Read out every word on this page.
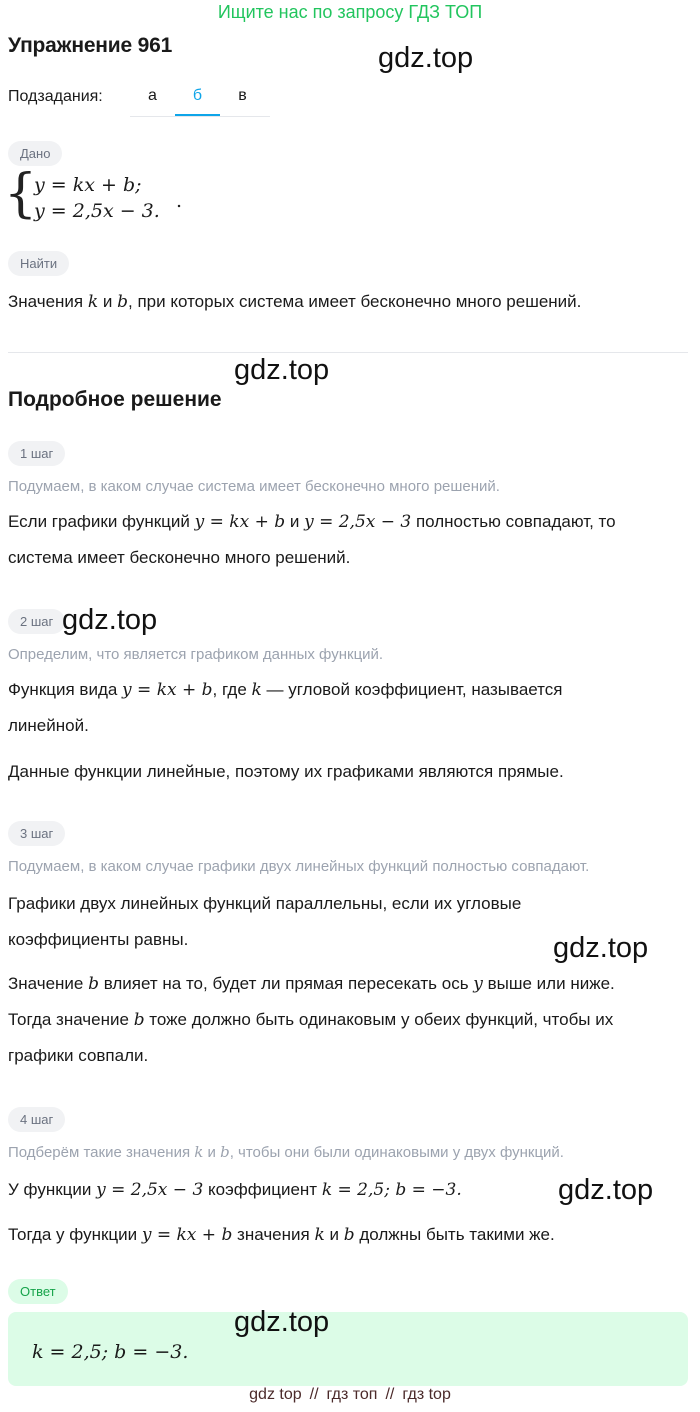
Ищите нас по запросу ГДЗ ТОП
Упражнение 961	gdz.top
Подзадания:	а	б	в
Дано
{
y = kx + b;
y = 2,5x − 3. .
Найти
Значения k и b, при которых система имеет бесконечно много решений.
gdz.top
Подробное решение
1 шаг
Подумаем, в каком случае система имеет бесконечно много решений.
Если графики функций y = kx + b и y = 2,5x − 3 полностью совпадают, то
система имеет бесконечно много решений.
2 шаг gdz.top
Определим, что является графиком данных функций.
Функция вида y = kx + b, где k — угловой коэффициент, называется
линейной.
Данные функции линейные, поэтому их графиками являются прямые.
3 шаг
Подумаем, в каком случае графики двух линейных функций полностью совпадают.
Графики двух линейных функций параллельны, если их угловые
коэффициенты равны.	gdz.top
Значение b влияет на то, будет ли прямая пересекать ось y выше или ниже.
Тогда значение b тоже должно быть одинаковым у обеих функций, чтобы их
графики совпали.
4 шаг
Подберём такие значения k и b, чтобы они были одинаковыми у двух функций.
У функции y = 2,5x − 3 коэффициент k = 2,5; b = −3.	gdz.top
Тогда у функции y = kx + b значения k и b должны быть такими же.
Ответ
gdz.top
k = 2,5; b = −3.
gdz top // гдз топ // гдз top
